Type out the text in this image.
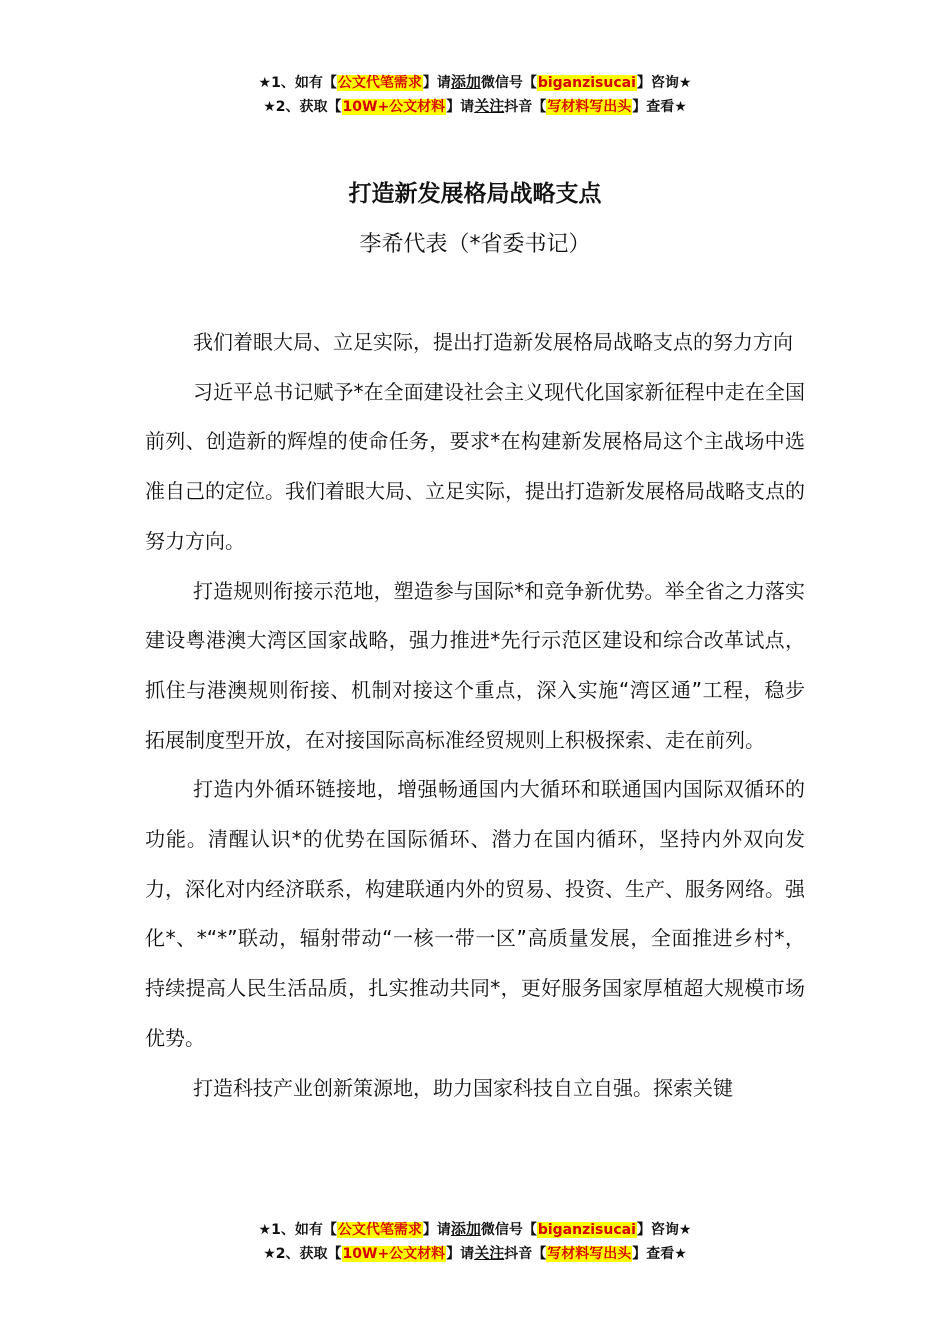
★1、如有【公文代笔需求】请添加微信号【biganzisucai】咨询★
★2、获取【10W+公文材料】请关注抖音【写材料写出头】查看★
打造新发展格局战略支点
李希代表（*省委书记）

我们着眼大局、立足实际，提出打造新发展格局战略支点的努力方向

习近平总书记赋予*在全面建设社会主义现代化国家新征程中走在全国前列、创造新的辉煌的使命任务，要求*在构建新发展格局这个主战场中选准自己的定位。我们着眼大局、立足实际，提出打造新发展格局战略支点的努力方向。

打造规则衔接示范地，塑造参与国际*和竞争新优势。举全省之力落实建设粤港澳大湾区国家战略，强力推进*先行示范区建设和综合改革试点，抓住与港澳规则衔接、机制对接这个重点，深入实施“湾区通”工程，稳步拓展制度型开放，在对接国际高标准经贸规则上积极探索、走在前列。

打造内外循环链接地，增强畅通国内大循环和联通国内国际双循环的功能。清醒认识*的优势在国际循环、潜力在国内循环，坚持内外双向发力，深化对内经济联系，构建联通内外的贸易、投资、生产、服务网络。强化*、*“*”联动，辐射带动“一核一带一区”高质量发展，全面推进乡村*，持续提高人民生活品质，扎实推动共同*，更好服务国家厚植超大规模市场优势。

打造科技产业创新策源地，助力国家科技自立自强。探索关键

★1、如有【公文代笔需求】请添加微信号【biganzisucai】咨询★
★2、获取【10W+公文材料】请关注抖音【写材料写出头】查看★
